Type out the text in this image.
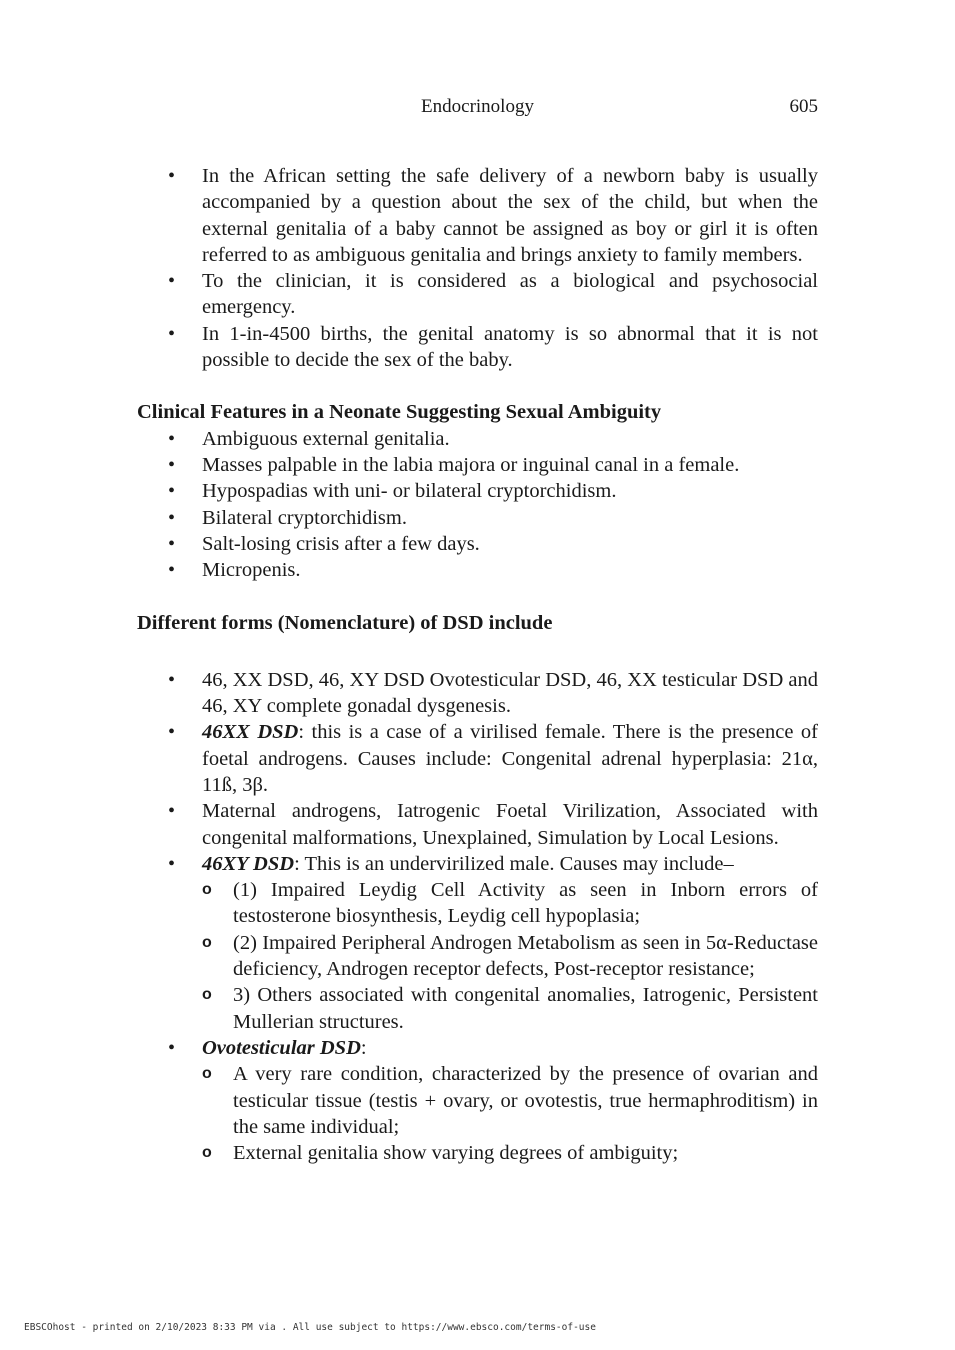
Endocrinology	605
• In the African setting the safe delivery of a newborn baby is usually accompanied by a question about the sex of the child, but when the external genitalia of a baby cannot be assigned as boy or girl it is often referred to as ambiguous genitalia and brings anxiety to family members.
• To the clinician, it is considered as a biological and psychosocial emergency.
• In 1-in-4500 births, the genital anatomy is so abnormal that it is not possible to decide the sex of the baby.

Clinical Features in a Neonate Suggesting Sexual Ambiguity

• Ambiguous external genitalia.
• Masses palpable in the labia majora or inguinal canal in a female.
• Hypospadias with uni- or bilateral cryptorchidism.
• Bilateral cryptorchidism.
• Salt-losing crisis after a few days.
• Micropenis.

Different forms (Nomenclature) of DSD include

• 46, XX DSD, 46, XY DSD Ovotesticular DSD, 46, XX testicular DSD and 46, XY complete gonadal dysgenesis.
• 46XX DSD: this is a case of a virilised female. There is the presence of foetal androgens. Causes include: Congenital adrenal hyperplasia: 21α, 11ß, 3β.
• Maternal androgens, Iatrogenic Foetal Virilization, Associated with congenital malformations, Unexplained, Simulation by Local Lesions.
• 46XY DSD: This is an undervirilized male. Causes may include–
o (1) Impaired Leydig Cell Activity as seen in Inborn errors of testosterone biosynthesis, Leydig cell hypoplasia;
o (2) Impaired Peripheral Androgen Metabolism as seen in 5α-Reductase deficiency, Androgen receptor defects, Post-receptor resistance;
o 3) Others associated with congenital anomalies, Iatrogenic, Persistent Mullerian structures.
• Ovotesticular DSD:
o A very rare condition, characterized by the presence of ovarian and testicular tissue (testis + ovary, or ovotestis, true hermaphroditism) in the same individual;
o External genitalia show varying degrees of ambiguity;
EBSCOhost - printed on 2/10/2023 8:33 PM via . All use subject to https://www.ebsco.com/terms-of-use
